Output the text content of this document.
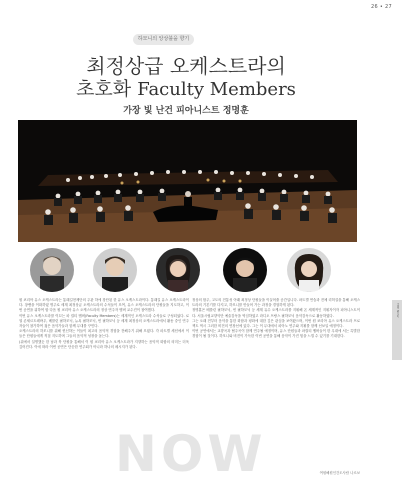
26 • 27
THE NOW
하모니의 앙상블을 향기
최정상급 오케스트라의
초호화 Faculty Members
가장 빛 난건 피아니스트 정명훈

원 코리아 유스 오케스트라는 통래길현제단의 주관 하에 창단된 한 유스 오케스트라이다. 통래길 유스 오케스트라이다. 창밴을 이화하였 명주로 세계 최정상급 오케스트라의 수석들이 모여, 유스 오케스트라의 단원들을 지도하고, 이번 공연을 위하여 합 다음 원 코리아 유스 오케스트라의 정상 연주자 멤버 교수진이 참여했다.

이번 유스 오케스트라를 이끄는 파 컬티 멤버(Faculty Members)는 세계적인 오케스트라 수석들로 구성되었다. 로열 콘세르트헤바우, 베를린 필하모닉, 뉴욕 필하모닉, 빈 필하모닉 등 세계 최정상의 오케스트라에서 활동 중인 연주자들이 참가하여 젊은 음악가들과 함께 무대를 꾸민다.

오케스트라의 하모니를 위해 헌신하는 이들이 최고의 음악적 경험을 전해주기 위해 모였다. 각 파트별 세션에서 이들은 단원들에게 직접 지도하며 그들의 음악적 성장을 돕는다.

(위에서 설명했듯 한 남과 북 단원을 통해서 이 원 코리아 유스 오케스트라가 지향하는 음악적 화합의 의미는 더욱 깊어진다. 이에 따라 이번 공연은 단순한 연주회가 아니라 하나의 메시지가 된다.

정상의 합주, 고도의 전통성 아래 최정상 단원들을 이끌어줄 공간입니다. 파트별 연습과 전체 리허설을 통해 오케스트라의 기본기를 다지고, 하모니를 만들어 가는 과정을 경험하게 된다.

정명훈은 베를린 필하모닉, 빈 필하모닉 등 세계 유수 오케스트라를 지휘해 온 세계적인 지휘자이자 피아니스트이다. 서울시립교향악단 예술감독을 역임하였고 라디오 프랑스 필하모닉 음악감독으로 활동하였다.

그는 오래 전부터 음악을 통한 화합과 평화에 대한 깊은 관심을 보여왔으며, 이번 원 코리아 유스 오케스트라 프로젝트 역시 그러한 비전의 연장선에 있다. 그는 이 무대에서 피아노 연주와 지휘를 함께 선보일 예정이다.

이번 공연에서는 교향곡과 협주곡이 함께 연주될 예정이며, 유스 단원들과 파컬티 멤버들이 한 무대에 서는 특별한 경험이 될 것이다. 하모니와 비전이 가득한 이번 공연을 통해 음악이 가진 힘을 느낄 수 있기를 기대한다.

NOW	여원해원인간도사람 나르보
